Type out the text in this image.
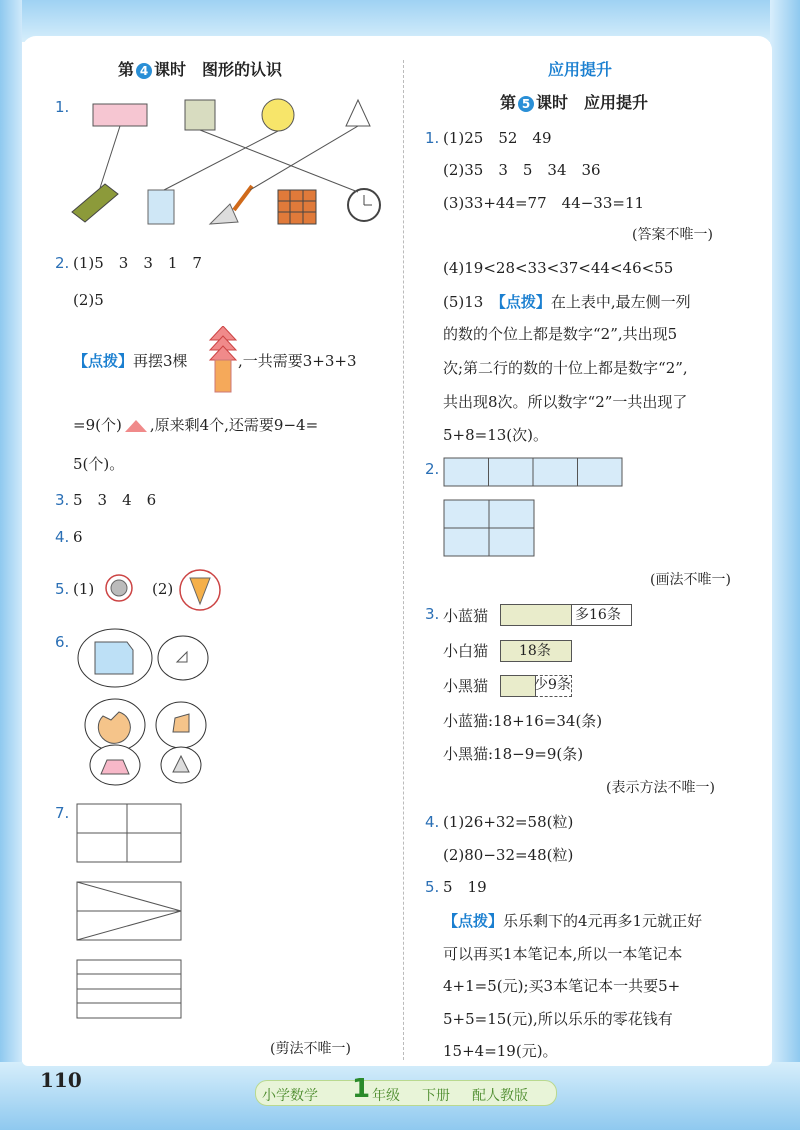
第 4 课时　图形的认识
1.
2. (1)5　3　3　1　7
(2)5
【点拨】再摆3棵	,一共需要3+3+3
=9(个) ,原来剩4个,还需要9−4=
5(个)。
3. 5　3　4　6
4. 6
5. (1)	(2)
6.
7.
(剪法不唯一)
应用提升
第 5 课时　应用提升
1. (1)25　52　49
(2)35　3　5　34　36
(3)33+44=77　44−33=11
(答案不唯一)
(4)19<28<33<37<44<46<55
(5)13　 【点拨】在上表中,最左侧一列
的数的个位上都是数字“2”,共出现5
次;第二行的数的十位上都是数字“2”,
共出现8次。所以数字“2”一共出现了
5+8=13(次)。
2.
(画法不唯一)
3. 小蓝猫
小白猫
小黑猫
多16条
18条
少9条
小蓝猫:18+16=34(条)
小黑猫:18−9=9(条)
(表示方法不唯一)
4. (1)26+32=58(粒)
(2)80−32=48(粒)
5. 5　19
【点拨】乐乐剩下的4元再多1元就正好
可以再买1本笔记本,所以一本笔记本
4+1=5(元);买3本笔记本一共要5+
5+5=15(元),所以乐乐的零花钱有
15+4=19(元)。
110
小学数学 1 年级 下册 配人教版
